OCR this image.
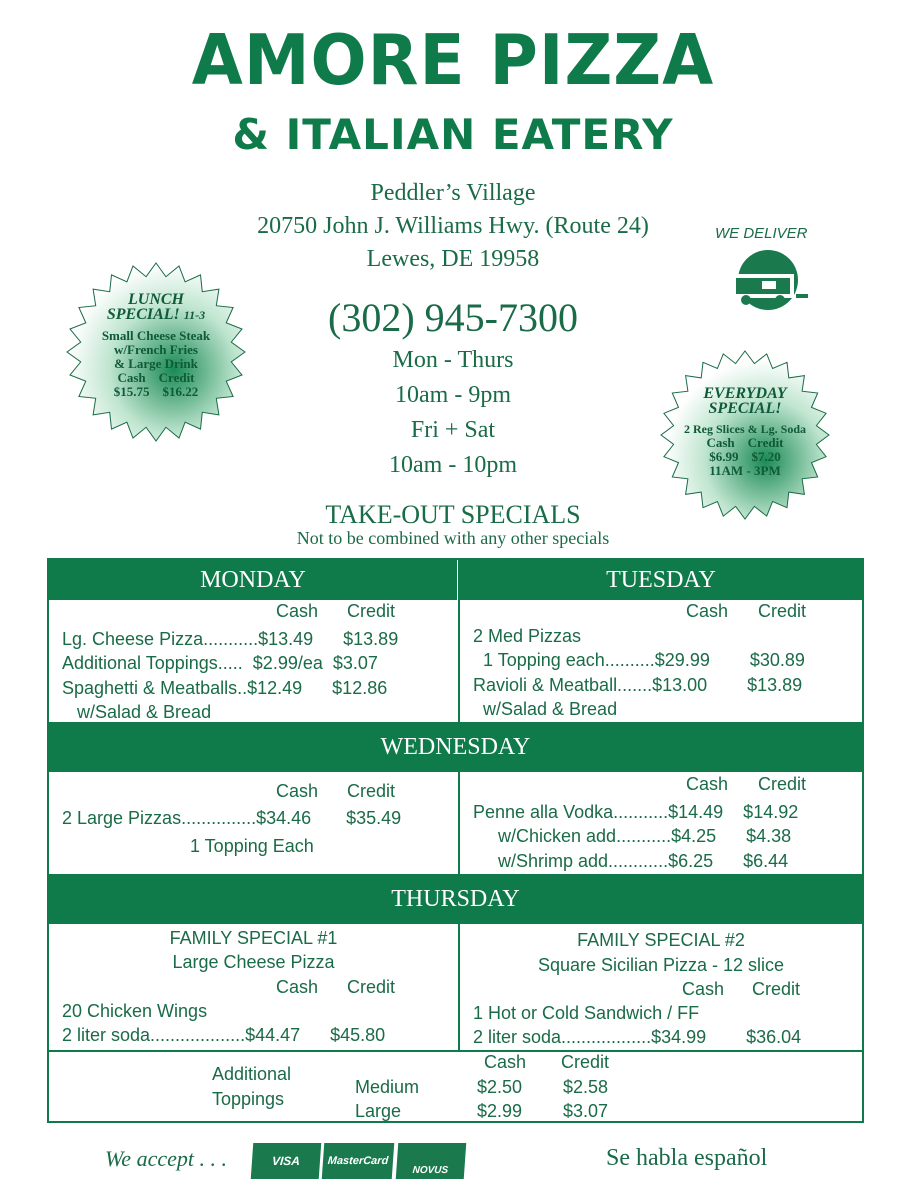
AMORE PIZZA
& ITALIAN EATERY
Peddler’s Village
20750 John J. Williams Hwy. (Route 24)
Lewes, DE 19958
(302) 945-7300
Mon - Thurs
10am - 9pm
Fri + Sat
10am - 10pm
WE DELIVER
LUNCH
SPECIAL! 11-3
Small Cheese Steak
w/French Fries
& Large Drink
Cash    Credit
$15.75    $16.22	EVERYDAY
SPECIAL!
2 Reg Slices & Lg. Soda
Cash    Credit
$6.99    $7.20
11AM - 3PM
TAKE-OUT SPECIALS
Not to be combined with any other specials
MONDAY	TUESDAY
Cash Credit
Lg. Cheese Pizza...........$13.49      $13.89
Additional Toppings.....  $2.99/ea  $3.07
Spaghetti & Meatballs..$12.49      $12.86
w/Salad & Bread
Cash Credit
2 Med Pizzas
1 Topping each..........$29.99        $30.89
Ravioli & Meatball.......$13.00        $13.89
w/Salad & Bread
WEDNESDAY
Cash Credit
2 Large Pizzas...............$34.46       $35.49
1 Topping Each
Cash Credit
Penne alla Vodka...........$14.49    $14.92
w/Chicken add...........$4.25      $4.38
w/Shrimp add............$6.25      $6.44
THURSDAY
FAMILY SPECIAL #1
Large Cheese Pizza
Cash Credit
20 Chicken Wings
2 liter soda...................$44.47      $45.80
FAMILY SPECIAL #2
Square Sicilian Pizza - 12 slice
Cash Credit
1 Hot or Cold Sandwich / FF
2 liter soda..................$34.99        $36.04
Additional
Toppings
Cash Credit
Medium	$2.50 $2.58
Large	$2.99 $3.07
We accept . . .	VISA	MasterCard
NOVUS	Se habla español
